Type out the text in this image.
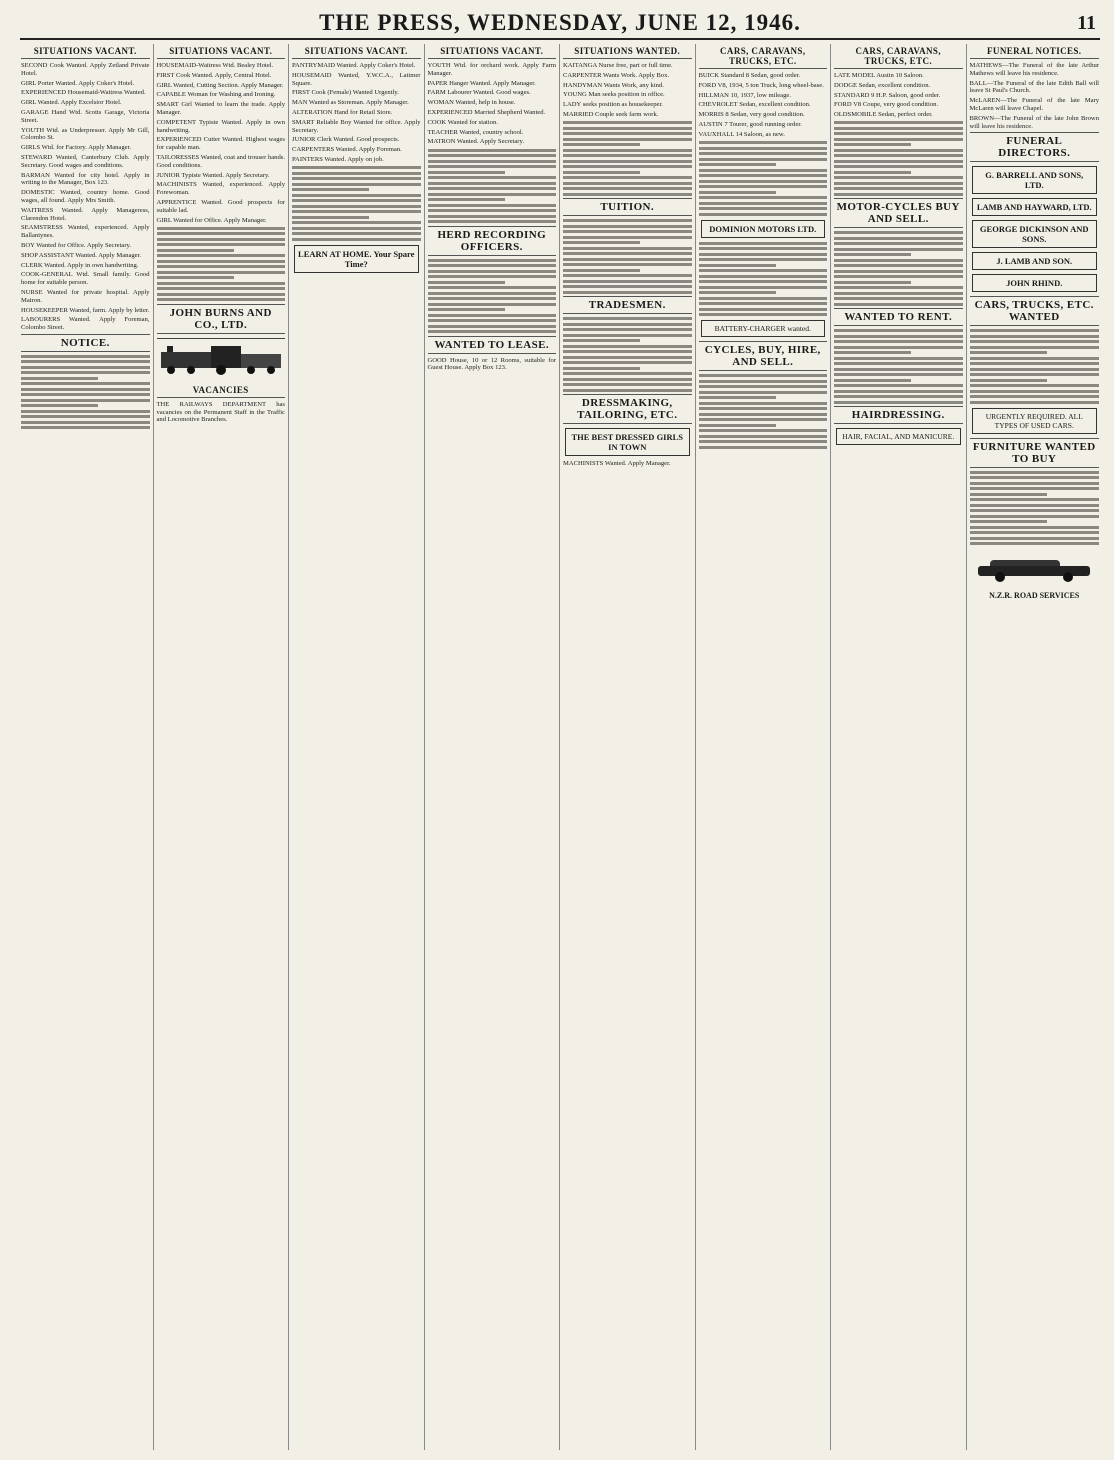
THE PRESS, WEDNESDAY, JUNE 12, 1946.	11
SITUATIONS VACANT.
SECOND Cook Wanted. Apply Zetland Private Hotel.
GIRL Porter Wanted. Apply Coker's Hotel.
EXPERIENCED Housemaid-Waitress Wanted.
GIRL Wanted. Apply Excelsior Hotel.
GARAGE Hand Wtd. Scotts Garage, Victoria Street.
YOUTH Wtd. as Underpresser. Apply Mr Gill, Colombo St.
GIRLS Wtd. for Factory. Apply Manager.
STEWARD Wanted, Canterbury Club. Apply Secretary. Good wages and conditions.
BARMAN Wanted for city hotel. Apply in writing to the Manager, Box 123.
DOMESTIC Wanted, country home. Good wages, all found. Apply Mrs Smith.
WAITRESS Wanted. Apply Manageress, Clarendon Hotel.
SEAMSTRESS Wanted, experienced. Apply Ballantynes.
BOY Wanted for Office. Apply Secretary.
SHOP ASSISTANT Wanted. Apply Manager.
CLERK Wanted. Apply in own handwriting.
COOK-GENERAL Wtd. Small family. Good home for suitable person.
NURSE Wanted for private hospital. Apply Matron.
HOUSEKEEPER Wanted, farm. Apply by letter.
LABOURERS Wanted. Apply Foreman, Colombo Street.
NOTICE.
SITUATIONS VACANT.
HOUSEMAID-Waitress Wtd. Bealey Hotel.
FIRST Cook Wanted. Apply, Central Hotel.
GIRL Wanted, Cutting Section. Apply Manager.
CAPABLE Woman for Washing and Ironing.
SMART Girl Wanted to learn the trade. Apply Manager.
COMPETENT Typiste Wanted. Apply in own handwriting.
EXPERIENCED Cutter Wanted. Highest wages for capable man.
TAILORESSES Wanted, coat and trouser hands. Good conditions.
JUNIOR Typiste Wanted. Apply Secretary.
MACHINISTS Wanted, experienced. Apply Forewoman.
APPRENTICE Wanted. Good prospects for suitable lad.
GIRL Wanted for Office. Apply Manager.
JOHN BURNS AND CO., LTD.
VACANCIES
THE RAILWAYS DEPARTMENT has vacancies on the Permanent Staff in the Traffic and Locomotive Branches.
SITUATIONS VACANT.
PANTRYMAID Wanted. Apply Coker's Hotel.
HOUSEMAID Wanted, Y.W.C.A., Latimer Square.
FIRST Cook (Female) Wanted Urgently.
MAN Wanted as Storeman. Apply Manager.
ALTERATION Hand for Retail Store.
SMART Reliable Boy Wanted for office. Apply Secretary.
JUNIOR Clerk Wanted. Good prospects.
CARPENTERS Wanted. Apply Foreman.
PAINTERS Wanted. Apply on job.
LEARN AT HOME. Your Spare Time?
SITUATIONS VACANT.
YOUTH Wtd. for orchard work. Apply Farm Manager.
PAPER Hanger Wanted. Apply Manager.
FARM Labourer Wanted. Good wages.
WOMAN Wanted, help in house.
EXPERIENCED Married Shepherd Wanted.
COOK Wanted for station.
TEACHER Wanted, country school.
MATRON Wanted. Apply Secretary.
HERD RECORDING OFFICERS.
WANTED TO LEASE.
GOOD House, 10 or 12 Rooms, suitable for Guest House. Apply Box 123.
SITUATIONS WANTED.
KAITANGA Nurse free, part or full time.
CARPENTER Wants Work. Apply Box.
HANDYMAN Wants Work, any kind.
YOUNG Man seeks position in office.
LADY seeks position as housekeeper.
MARRIED Couple seek farm work.
TUITION.
TRADESMEN.
DRESSMAKING, TAILORING, ETC.
THE BEST DRESSED GIRLS IN TOWN
MACHINISTS Wanted. Apply Manager.
CARS, CARAVANS, TRUCKS, ETC.
BUICK Standard 8 Sedan, good order.
FORD V8, 1934, 5 ton Truck, long wheel-base.
HILLMAN 10, 1937, low mileage.
CHEVROLET Sedan, excellent condition.
MORRIS 8 Sedan, very good condition.
AUSTIN 7 Tourer, good running order.
VAUXHALL 14 Saloon, as new.
DOMINION MOTORS LTD.
BATTERY-CHARGER wanted.
CYCLES, BUY, HIRE, AND SELL.
CARS, CARAVANS, TRUCKS, ETC.
LATE MODEL Austin 10 Saloon.
DODGE Sedan, excellent condition.
STANDARD 9 H.P. Saloon, good order.
FORD V8 Coupe, very good condition.
OLDSMOBILE Sedan, perfect order.
MOTOR-CYCLES BUY AND SELL.
WANTED TO RENT.
HAIRDRESSING.
HAIR, FACIAL, AND MANICURE.
FUNERAL NOTICES.
MATHEWS—The Funeral of the late Arthur Mathews will leave his residence.
BALL—The Funeral of the late Edith Ball will leave St Paul's Church.
McLAREN—The Funeral of the late Mary McLaren will leave Chapel.
BROWN—The Funeral of the late John Brown will leave his residence.
FUNERAL DIRECTORS.
G. BARRELL AND SONS, LTD.
LAMB AND HAYWARD, LTD.
GEORGE DICKINSON AND SONS.
J. LAMB AND SON.
JOHN RHIND.
CARS, TRUCKS, ETC. WANTED
URGENTLY REQUIRED. ALL TYPES OF USED CARS.
FURNITURE WANTED TO BUY
N.Z.R. ROAD SERVICES
